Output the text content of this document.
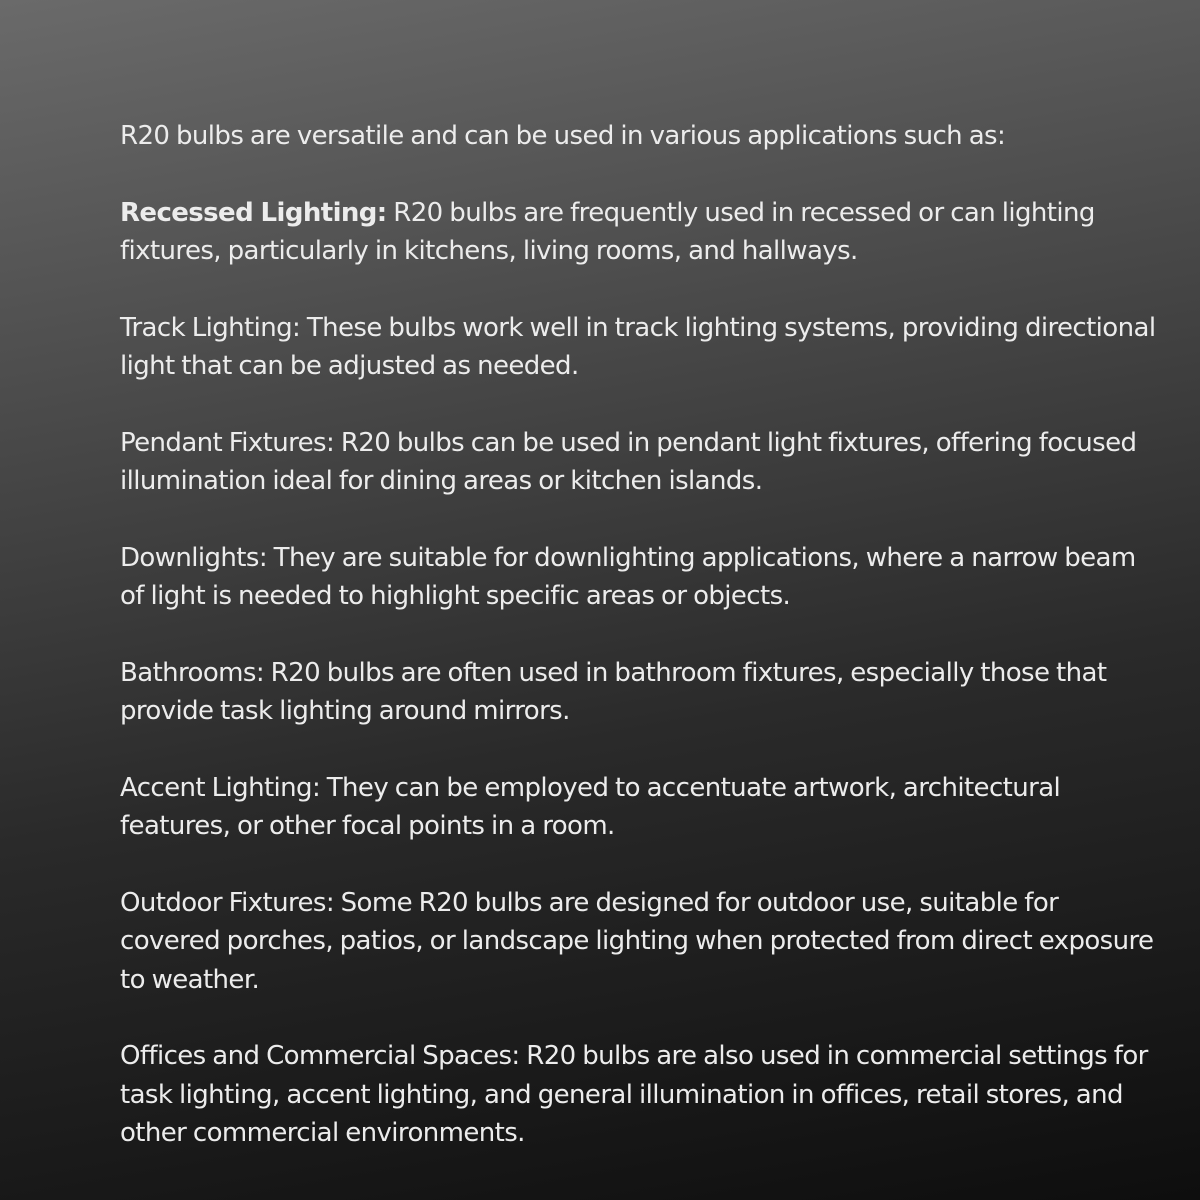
R20 bulbs are versatile and can be used in various applications such as:

Recessed Lighting: R20 bulbs are frequently used in recessed or can lighting fixtures, particularly in kitchens, living rooms, and hallways.

Track Lighting: These bulbs work well in track lighting systems, providing directional light that can be adjusted as needed.

Pendant Fixtures: R20 bulbs can be used in pendant light fixtures, offering focused illumination ideal for dining areas or kitchen islands.

Downlights: They are suitable for downlighting applications, where a narrow beam of light is needed to highlight specific areas or objects.

Bathrooms: R20 bulbs are often used in bathroom fixtures, especially those that provide task lighting around mirrors.

Accent Lighting: They can be employed to accentuate artwork, architectural features, or other focal points in a room.

Outdoor Fixtures: Some R20 bulbs are designed for outdoor use, suitable for covered porches, patios, or landscape lighting when protected from direct exposure to weather.

Offices and Commercial Spaces: R20 bulbs are also used in commercial settings for task lighting, accent lighting, and general illumination in offices, retail stores, and other commercial environments.
